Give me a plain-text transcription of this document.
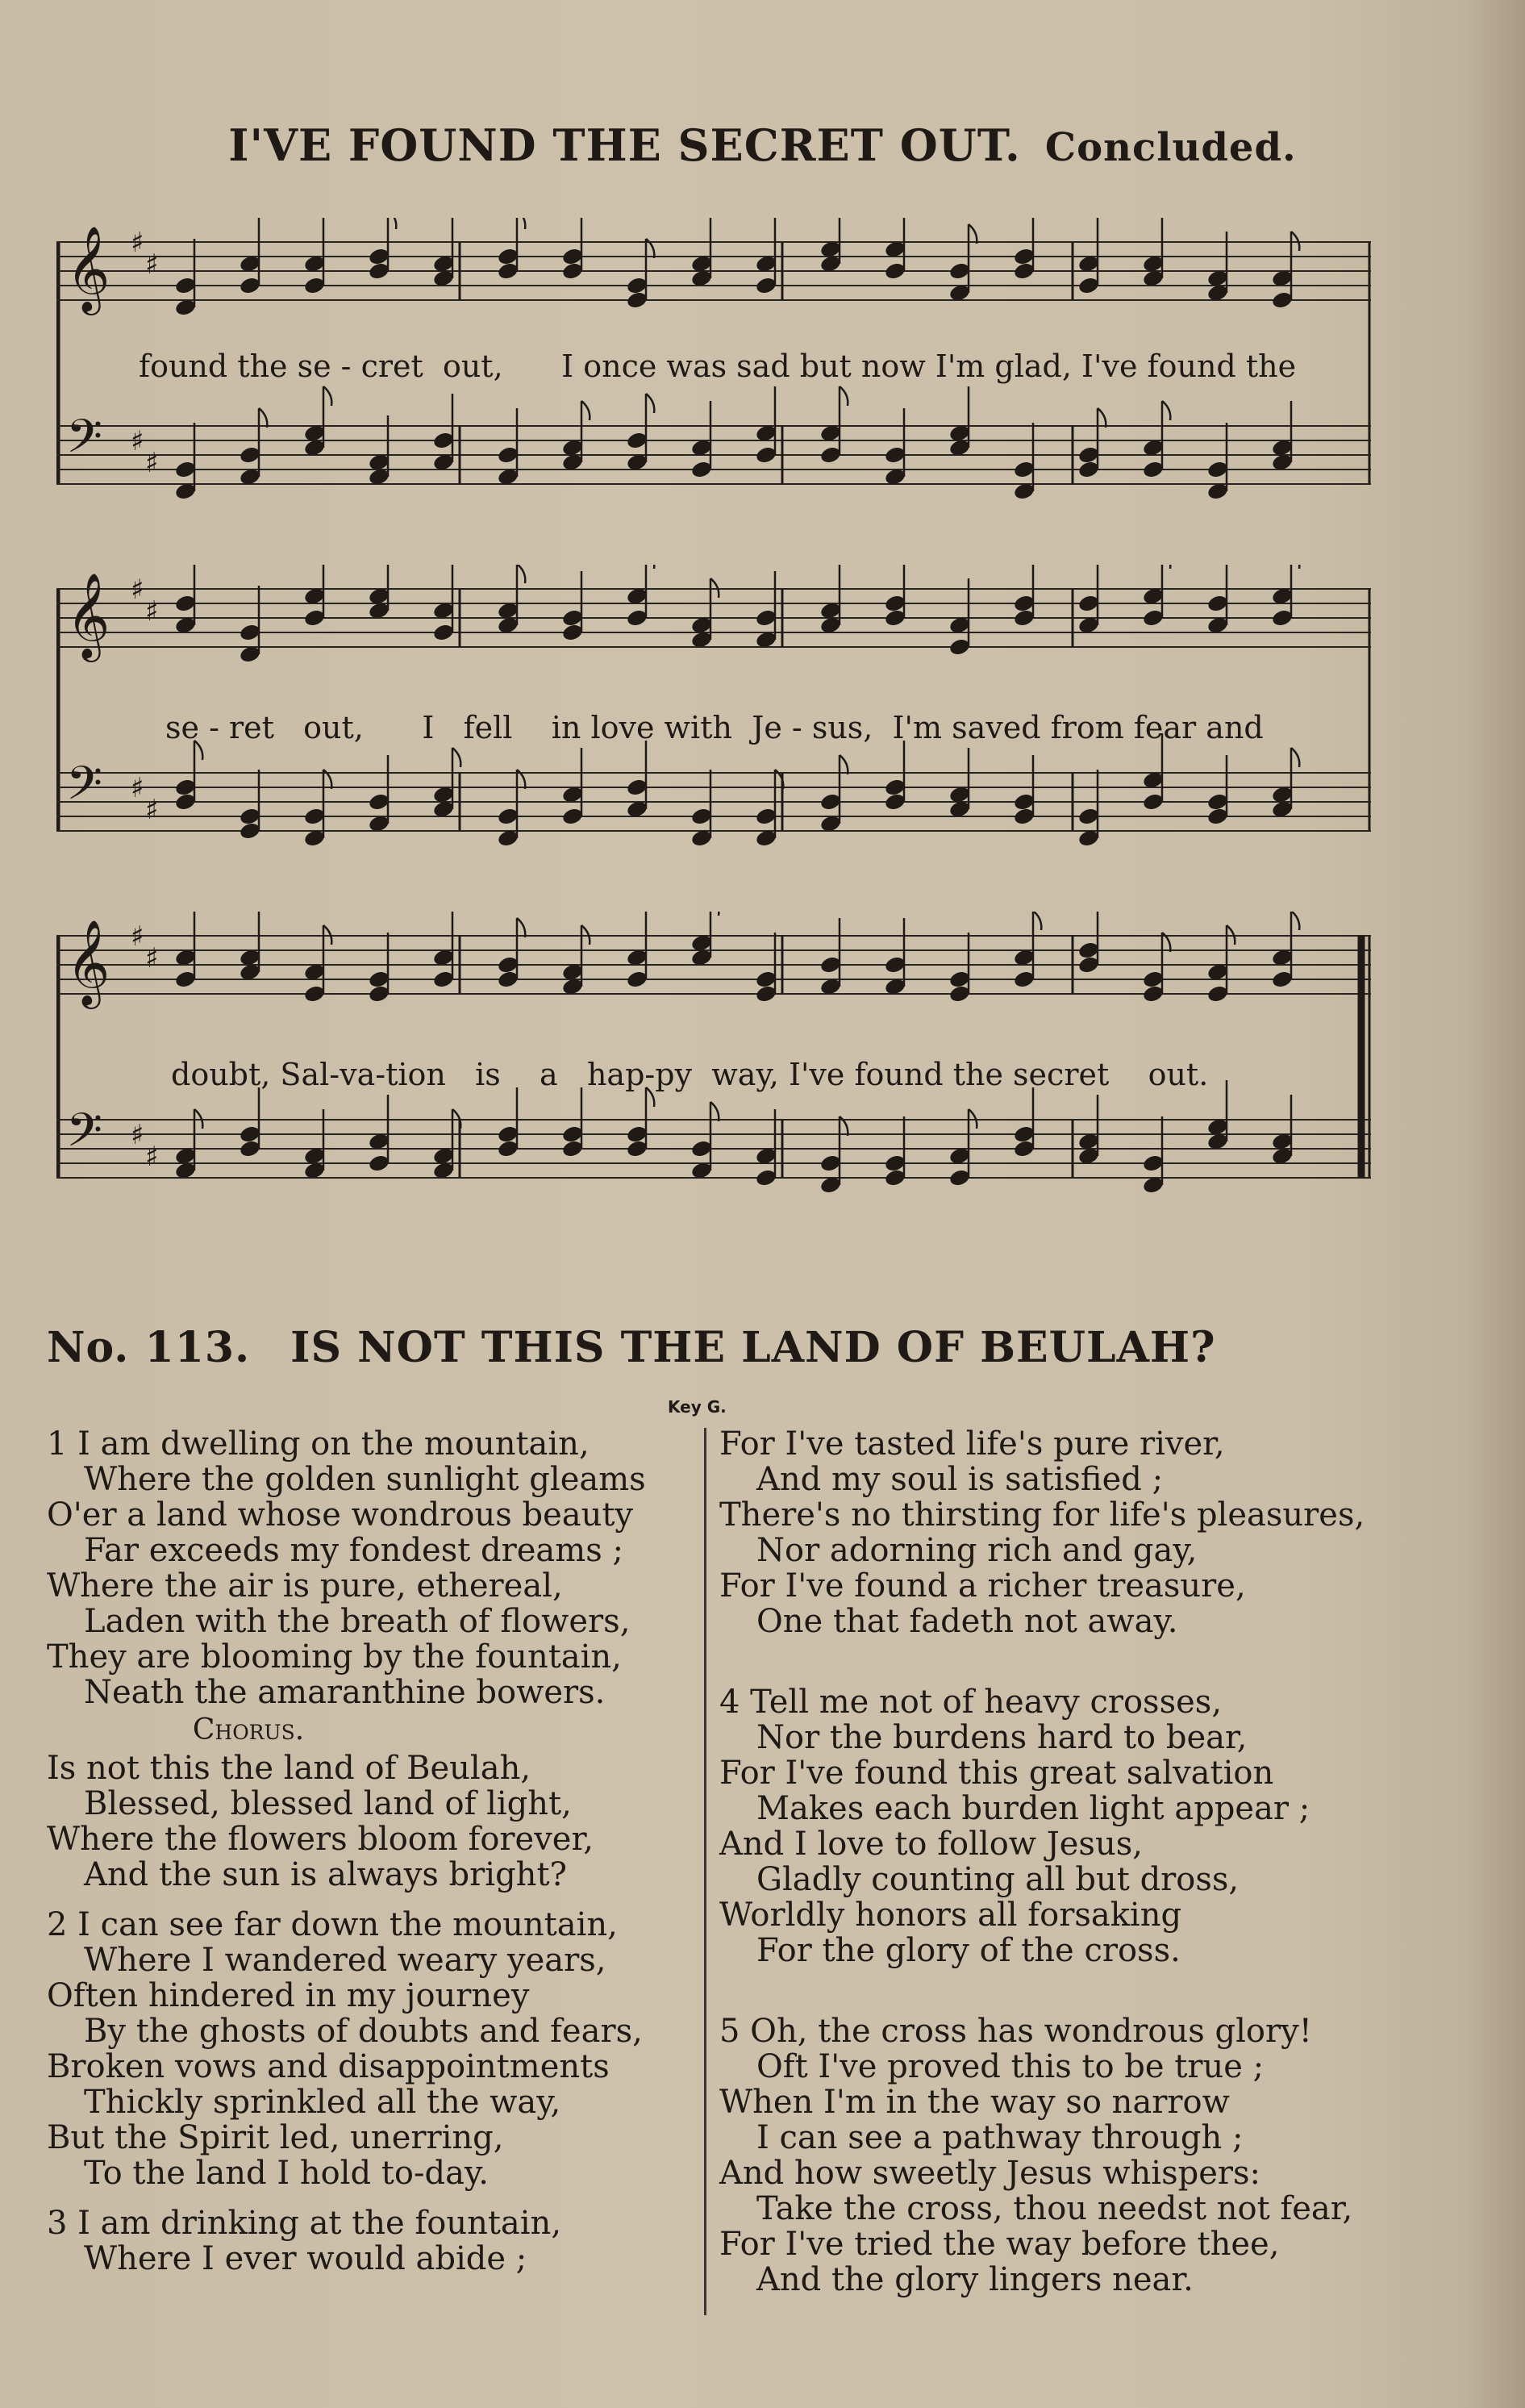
I'VE FOUND THE SECRET OUT. Concluded.
𝄞 ♯
♯
𝄢 ♯
♯
found the se - cret  out,      I once was sad but now I'm glad, I've found the
𝄞 ♯
♯
𝄢 ♯
♯
se - ret   out,      I   fell    in love with  Je - sus,  I'm saved from fear and
𝄞 ♯
♯
𝄢 ♯
♯
doubt, Sal-va-tion   is    a   hap-py  way, I've found the secret    out.
No. 113. IS NOT THIS THE LAND OF BEULAH?
Key G.
1 I am dwelling on the mountain,
Where the golden sunlight gleams
O'er a land whose wondrous beauty
Far exceeds my fondest dreams ;
Where the air is pure, ethereal,
Laden with the breath of flowers,
They are blooming by the fountain,
Neath the amaranthine bowers.
Chorus.
Is not this the land of Beulah,
Blessed, blessed land of light,
Where the flowers bloom forever,
And the sun is always bright?
2 I can see far down the mountain,
Where I wandered weary years,
Often hindered in my journey
By the ghosts of doubts and fears,
Broken vows and disappointments
Thickly sprinkled all the way,
But the Spirit led, unerring,
To the land I hold to-day.
3 I am drinking at the fountain,
Where I ever would abide ;
For I've tasted life's pure river,
And my soul is satisfied ;
There's no thirsting for life's pleasures,
Nor adorning rich and gay,
For I've found a richer treasure,
One that fadeth not away.
4 Tell me not of heavy crosses,
Nor the burdens hard to bear,
For I've found this great salvation
Makes each burden light appear ;
And I love to follow Jesus,
Gladly counting all but dross,
Worldly honors all forsaking
For the glory of the cross.
5 Oh, the cross has wondrous glory!
Oft I've proved this to be true ;
When I'm in the way so narrow
I can see a pathway through ;
And how sweetly Jesus whispers:
Take the cross, thou needst not fear,
For I've tried the way before thee,
And the glory lingers near.
